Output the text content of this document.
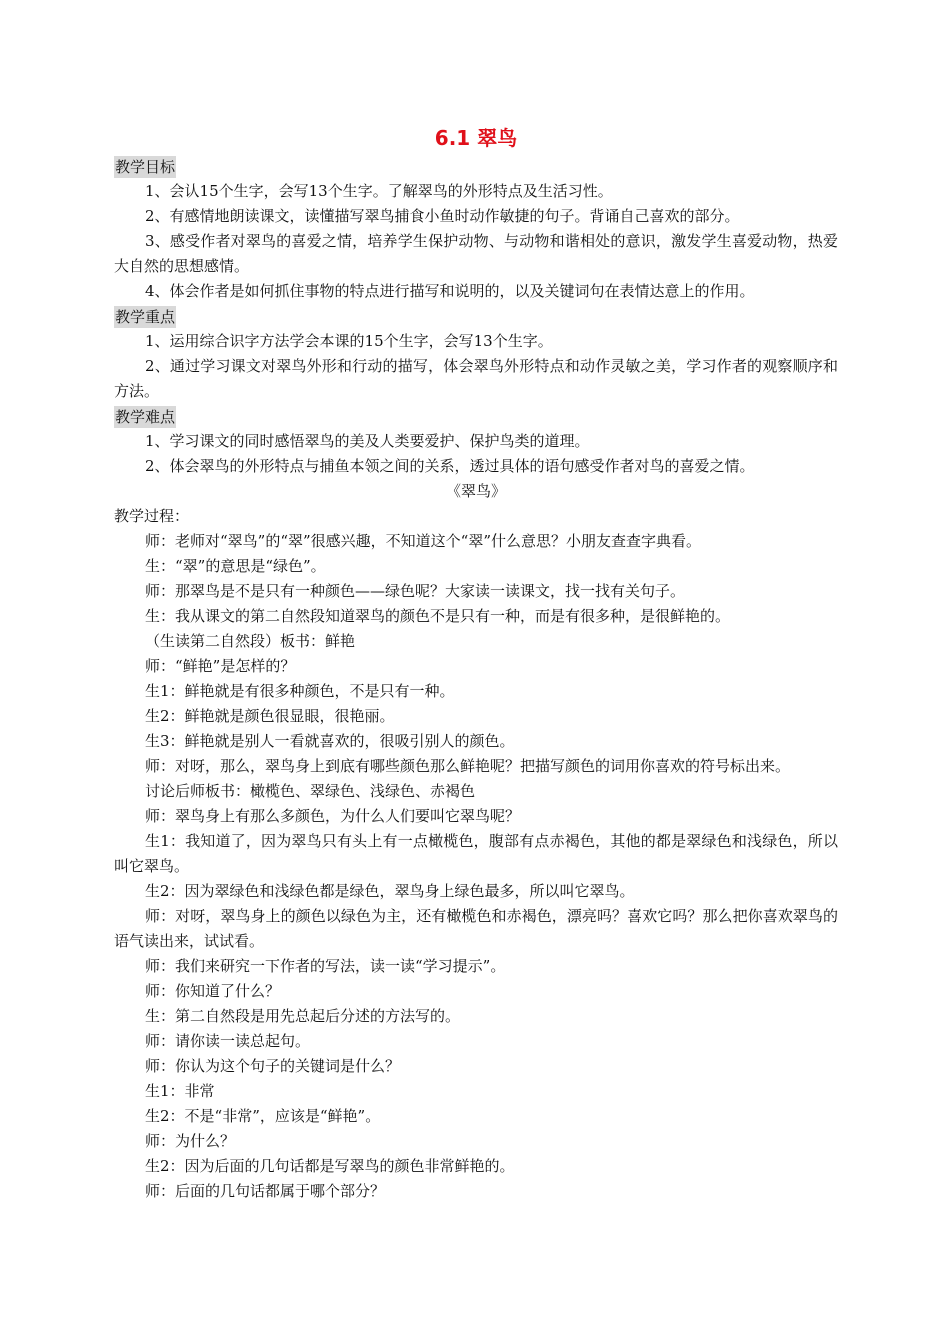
6.1 翠鸟
教学目标
1、会认15个生字，会写13个生字。了解翠鸟的外形特点及生活习性。
2、有感情地朗读课文，读懂描写翠鸟捕食小鱼时动作敏捷的句子。背诵自己喜欢的部分。
3、感受作者对翠鸟的喜爱之情，培养学生保护动物、与动物和谐相处的意识，激发学生喜爱动物，热爱大自然的思想感情。
4、体会作者是如何抓住事物的特点进行描写和说明的，以及关键词句在表情达意上的作用。
教学重点
1、运用综合识字方法学会本课的15个生字，会写13个生字。
2、通过学习课文对翠鸟外形和行动的描写，体会翠鸟外形特点和动作灵敏之美，学习作者的观察顺序和方法。
教学难点
1、学习课文的同时感悟翠鸟的美及人类要爱护、保护鸟类的道理。
2、体会翠鸟的外形特点与捕鱼本领之间的关系，透过具体的语句感受作者对鸟的喜爱之情。
《翠鸟》
教学过程：
师：老师对“翠鸟”的“翠”很感兴趣，不知道这个“翠”什么意思？小朋友查查字典看。
生：“翠”的意思是“绿色”。
师：那翠鸟是不是只有一种颜色——绿色呢？大家读一读课文，找一找有关句子。
生：我从课文的第二自然段知道翠鸟的颜色不是只有一种，而是有很多种，是很鲜艳的。
（生读第二自然段）板书：鲜艳
师：“鲜艳”是怎样的？
生1：鲜艳就是有很多种颜色，不是只有一种。
生2：鲜艳就是颜色很显眼，很艳丽。
生3：鲜艳就是别人一看就喜欢的，很吸引别人的颜色。
师：对呀，那么，翠鸟身上到底有哪些颜色那么鲜艳呢？把描写颜色的词用你喜欢的符号标出来。
讨论后师板书：橄榄色、翠绿色、浅绿色、赤褐色
师：翠鸟身上有那么多颜色，为什么人们要叫它翠鸟呢？
生1：我知道了，因为翠鸟只有头上有一点橄榄色，腹部有点赤褐色，其他的都是翠绿色和浅绿色，所以叫它翠鸟。
生2：因为翠绿色和浅绿色都是绿色，翠鸟身上绿色最多，所以叫它翠鸟。
师：对呀，翠鸟身上的颜色以绿色为主，还有橄榄色和赤褐色，漂亮吗？喜欢它吗？那么把你喜欢翠鸟的语气读出来，试试看。
师：我们来研究一下作者的写法，读一读“学习提示”。
师：你知道了什么？
生：第二自然段是用先总起后分述的方法写的。
师：请你读一读总起句。
师：你认为这个句子的关键词是什么？
生1：非常
生2：不是“非常”，应该是“鲜艳”。
师：为什么？
生2：因为后面的几句话都是写翠鸟的颜色非常鲜艳的。
师：后面的几句话都属于哪个部分？
